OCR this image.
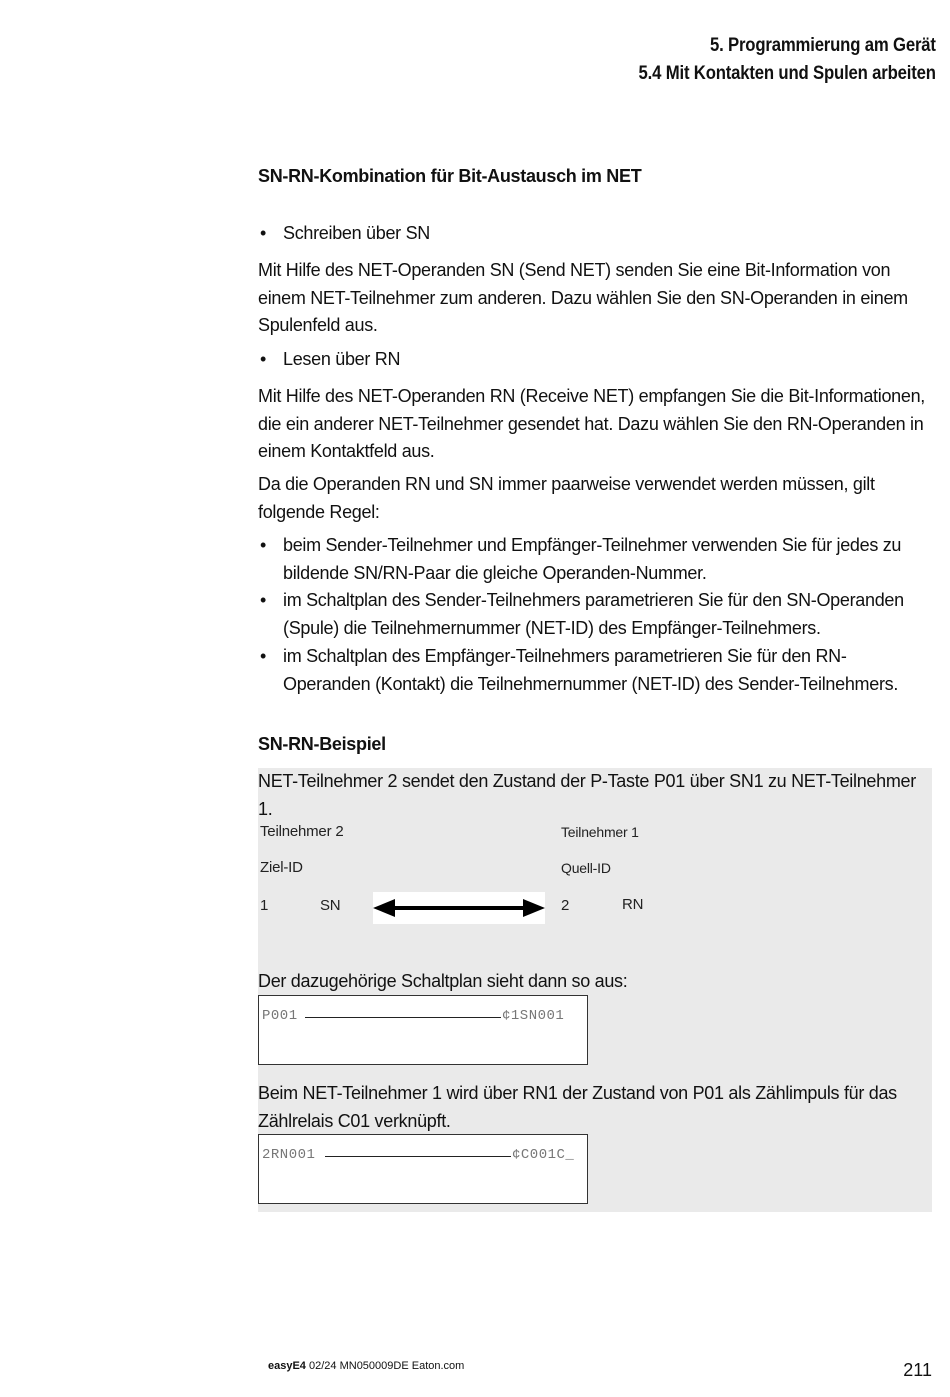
5. Programmierung am Gerät
5.4 Mit Kontakten und Spulen arbeiten
SN-RN-Kombination für Bit-Austausch im NET
• Schreiben über SN
Mit Hilfe des NET-Operanden SN (Send NET) senden Sie eine Bit-Information von einem NET-Teilnehmer zum anderen. Dazu wählen Sie den SN-Operanden in einem Spulenfeld aus.
• Lesen über RN
Mit Hilfe des NET-Operanden RN (Receive NET) empfangen Sie die Bit-Informationen, die ein anderer NET-Teilnehmer gesendet hat. Dazu wählen Sie den RN-Operanden in einem Kontaktfeld aus.
Da die Operanden RN und SN immer paarweise verwendet werden müssen, gilt folgende Regel:
• beim Sender-Teilnehmer und Empfänger-Teilnehmer verwenden Sie für jedes zu bildende SN/RN-Paar die gleiche Operanden-Nummer.
• im Schaltplan des Sender-Teilnehmers parametrieren Sie für den SN-Operanden (Spule) die Teilnehmernummer (NET-ID) des Empfänger-Teilnehmers.
• im Schaltplan des Empfänger-Teilnehmers parametrieren Sie für den RN-Operanden (Kontakt) die Teilnehmernummer (NET-ID) des Sender-Teilnehmers.
SN-RN-Beispiel
NET-Teilnehmer 2 sendet den Zustand der P-Taste P01 über SN1 zu NET-Teilnehmer 1.
Teilnehmer 2	Teilnehmer 1
Ziel-ID	Quell-ID
1	SN	2	RN
Der dazugehörige Schaltplan sieht dann so aus:
P001	¢1SN001
Beim NET-Teilnehmer 1 wird über RN1 der Zustand von P01 als Zählimpuls für das Zählrelais C01 verknüpft.
2RN001	¢C001C_
easyE4 02/24 MN050009DE Eaton.com	211
